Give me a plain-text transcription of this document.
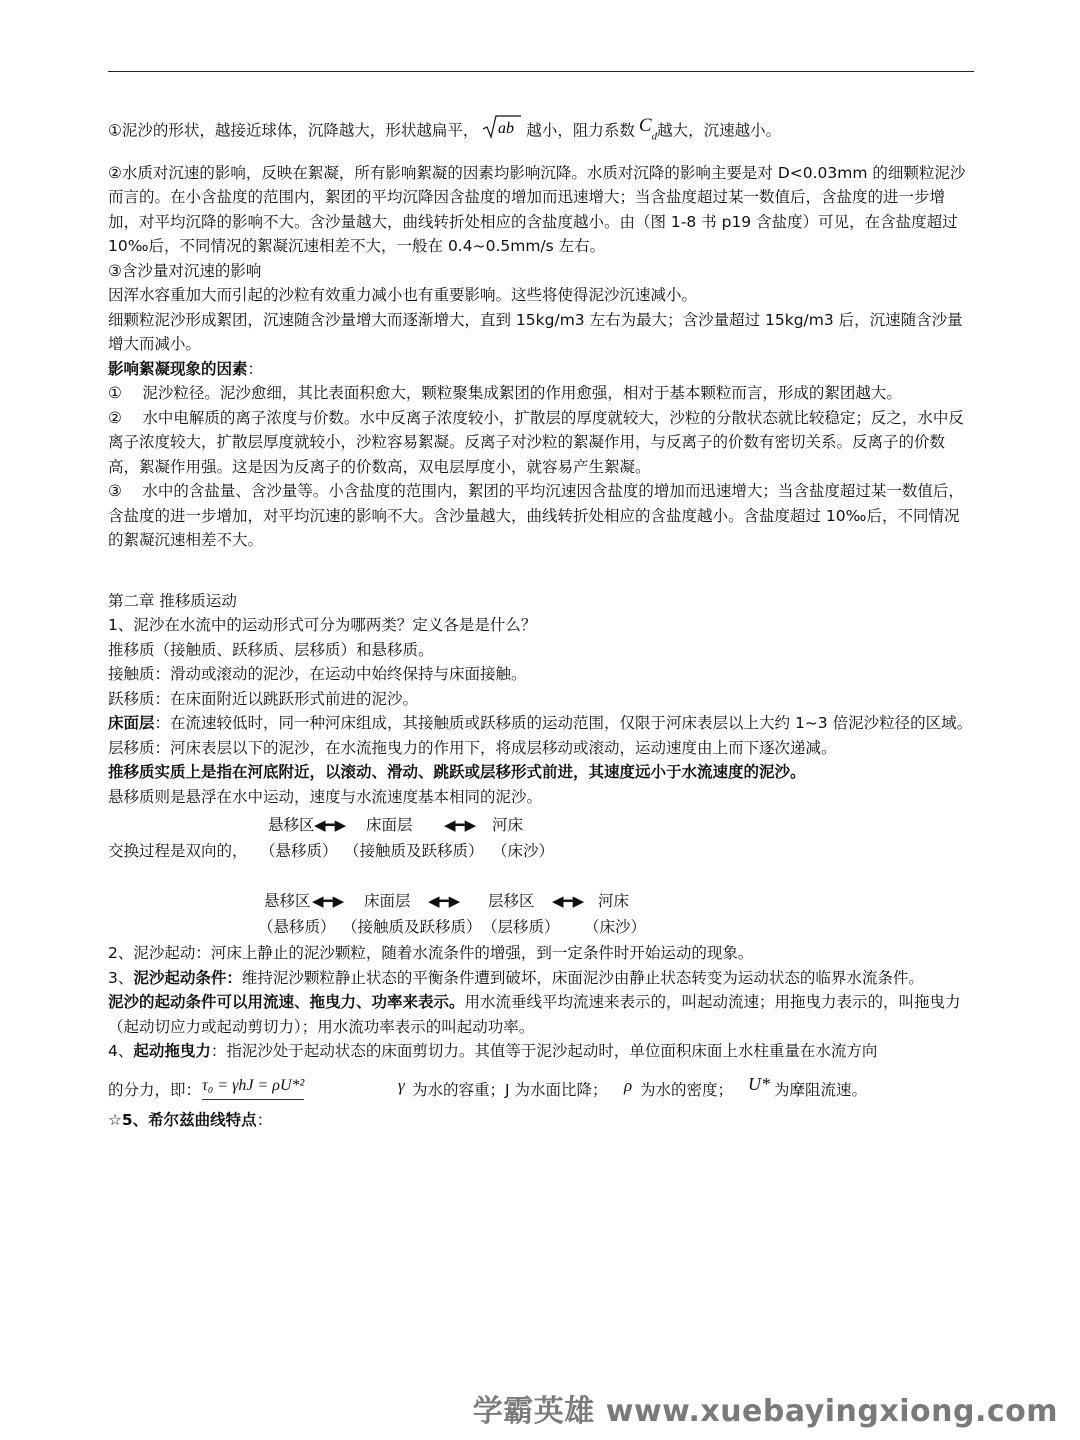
①泥沙的形状，越接近球体，沉降越大，形状越扁平， ab 越小，阻力系数 $C_d$越大，沉速越小。

②水质对沉速的影响，反映在絮凝，所有影响絮凝的因素均影响沉降。水质对沉降的影响主要是对 D<0.03mm 的细颗粒泥沙而言的。在小含盐度的范围内，絮团的平均沉降因含盐度的增加而迅速增大；当含盐度超过某一数值后，含盐度的进一步增加，对平均沉降的影响不大。含沙量越大，曲线转折处相应的含盐度越小。由（图 1-8 书 p19 含盐度）可见，在含盐度超过 10‰后，不同情况的絮凝沉速相差不大，一般在 0.4~0.5mm/s 左右。

③含沙量对沉速的影响

因浑水容重加大而引起的沙粒有效重力减小也有重要影响。这些将使得泥沙沉速减小。

细颗粒泥沙形成絮团，沉速随含沙量增大而逐渐增大，直到 15kg/m3 左右为最大；含沙量超过 15kg/m3 后，沉速随含沙量增大而减小。

影响絮凝现象的因素：

①　 泥沙粒径。泥沙愈细，其比表面积愈大，颗粒聚集成絮团的作用愈强，相对于基本颗粒而言，形成的絮团越大。

②　 水中电解质的离子浓度与价数。水中反离子浓度较小，扩散层的厚度就较大，沙粒的分散状态就比较稳定；反之，水中反离子浓度较大，扩散层厚度就较小，沙粒容易絮凝。反离子对沙粒的絮凝作用，与反离子的价数有密切关系。反离子的价数高，絮凝作用强。这是因为反离子的价数高，双电层厚度小，就容易产生絮凝。

③　 水中的含盐量、含沙量等。小含盐度的范围内，絮团的平均沉速因含盐度的增加而迅速增大；当含盐度超过某一数值后，含盐度的进一步增加，对平均沉速的影响不大。含沙量越大，曲线转折处相应的含盐度越小。含盐度超过 10‰后，不同情况的絮凝沉速相差不大。

第二章 推移质运动

1、泥沙在水流中的运动形式可分为哪两类？定义各是是什么？

推移质（接触质、跃移质、层移质）和悬移质。

接触质：滑动或滚动的泥沙，在运动中始终保持与床面接触。

跃移质：在床面附近以跳跃形式前进的泥沙。

床面层：在流速较低时，同一种河床组成，其接触质或跃移质的运动范围，仅限于河床表层以上大约 1~3 倍泥沙粒径的区域。

层移质：河床表层以下的泥沙，在水流拖曳力的作用下，将成层移动或滚动，运动速度由上而下逐次递减。

推移质实质上是指在河底附近，以滚动、滑动、跳跃或层移形式前进，其速度远小于水流速度的泥沙。

悬移质则是悬浮在水中运动，速度与水流速度基本相同的泥沙。

悬移区 ◀━▶ 床面层 ◀━▶ 河床
交换过程是双向的， （悬移质） （接触质及跃移质） （床沙）
悬移区 ◀━▶ 床面层 ◀━▶ 层移区 ◀━▶ 河床
（悬移质） （接触质及跃移质） （层移质） （床沙）

2、泥沙起动：河床上静止的泥沙颗粒，随着水流条件的增强，到一定条件时开始运动的现象。

3、泥沙起动条件：维持泥沙颗粒静止状态的平衡条件遭到破坏，床面泥沙由静止状态转变为运动状态的临界水流条件。

泥沙的起动条件可以用流速、拖曳力、功率来表示。用水流垂线平均流速来表示的，叫起动流速；用拖曳力表示的，叫拖曳力（起动切应力或起动剪切力）；用水流功率表示的叫起动功率。

4、起动拖曳力：指泥沙处于起动状态的床面剪切力。其值等于泥沙起动时，单位面积床面上水柱重量在水流方向

的分力，即： τ₀ = γhJ = ρU*²	γ 为水的容重；J 为水面比降； ρ 为水的密度； U* 为摩阻流速。

☆5、希尔兹曲线特点：

学霸英雄 www.xuebayingxiong.com
